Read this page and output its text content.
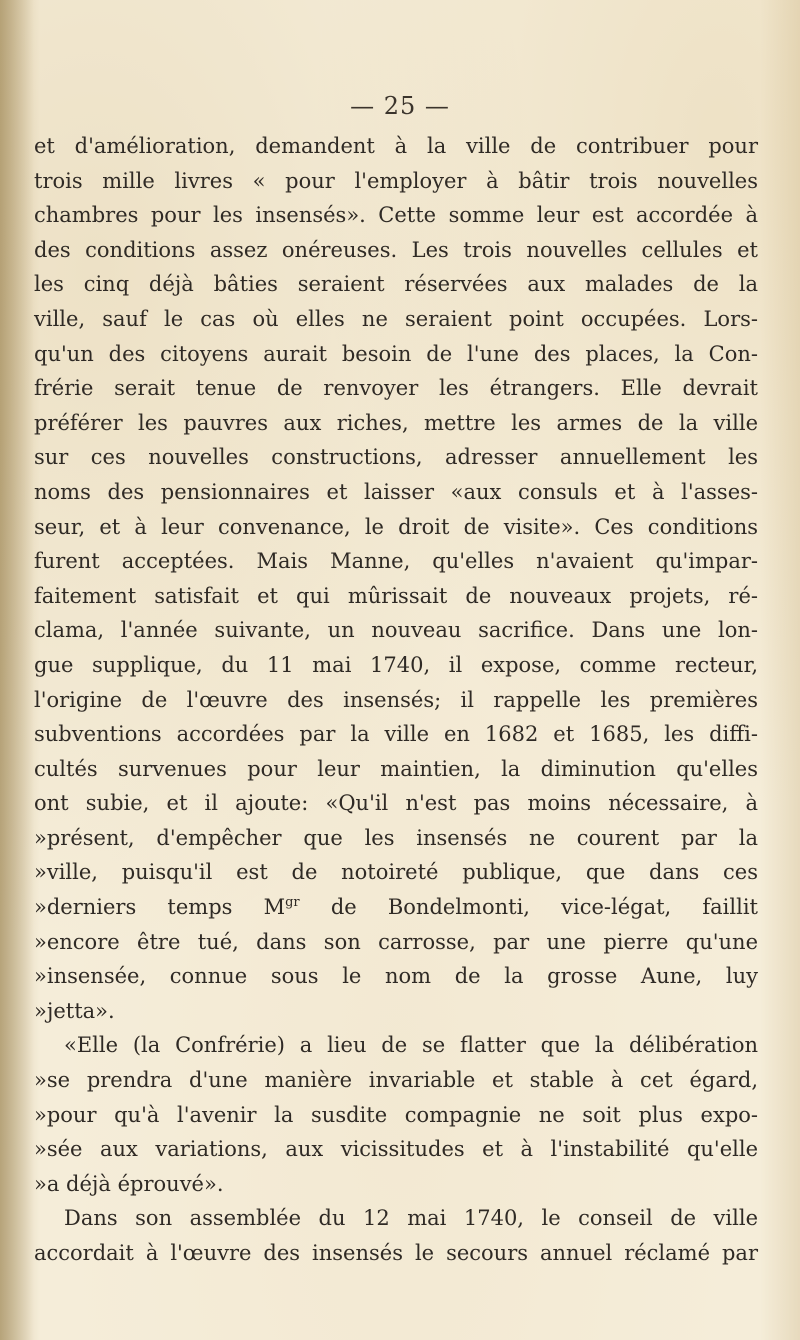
— 25 —
et d'amélioration, demandent à la ville de contribuer pour
trois mille livres « pour l'employer à bâtir trois nouvelles
chambres pour les insensés». Cette somme leur est accordée à
des conditions assez onéreuses. Les trois nouvelles cellules et
les cinq déjà bâties seraient réservées aux malades de la
ville, sauf le cas où elles ne seraient point occupées. Lors-
qu'un des citoyens aurait besoin de l'une des places, la Con-
frérie serait tenue de renvoyer les étrangers. Elle devrait
préférer les pauvres aux riches, mettre les armes de la ville
sur ces nouvelles constructions, adresser annuellement les
noms des pensionnaires et laisser «aux consuls et à l'asses-
seur, et à leur convenance, le droit de visite». Ces conditions
furent acceptées. Mais Manne, qu'elles n'avaient qu'impar-
faitement satisfait et qui mûrissait de nouveaux projets, ré-
clama, l'année suivante, un nouveau sacrifice. Dans une lon-
gue supplique, du 11 mai 1740, il expose, comme recteur,
l'origine de l'œuvre des insensés; il rappelle les premières
subventions accordées par la ville en 1682 et 1685, les diffi-
cultés survenues pour leur maintien, la diminution qu'elles
ont subie, et il ajoute: «Qu'il n'est pas moins nécessaire, à
»présent, d'empêcher que les insensés ne courent par la
»ville, puisqu'il est de notoireté publique, que dans ces
»derniers temps $M^{gr}$ de Bondelmonti, vice-légat, faillit
»encore être tué, dans son carrosse, par une pierre qu'une
»insensée, connue sous le nom de la grosse Aune, luy
»jetta».
«Elle (la Confrérie) a lieu de se flatter que la délibération
»se prendra d'une manière invariable et stable à cet égard,
»pour qu'à l'avenir la susdite compagnie ne soit plus expo-
»sée aux variations, aux vicissitudes et à l'instabilité qu'elle
»a déjà éprouvé».
Dans son assemblée du 12 mai 1740, le conseil de ville
accordait à l'œuvre des insensés le secours annuel réclamé par
